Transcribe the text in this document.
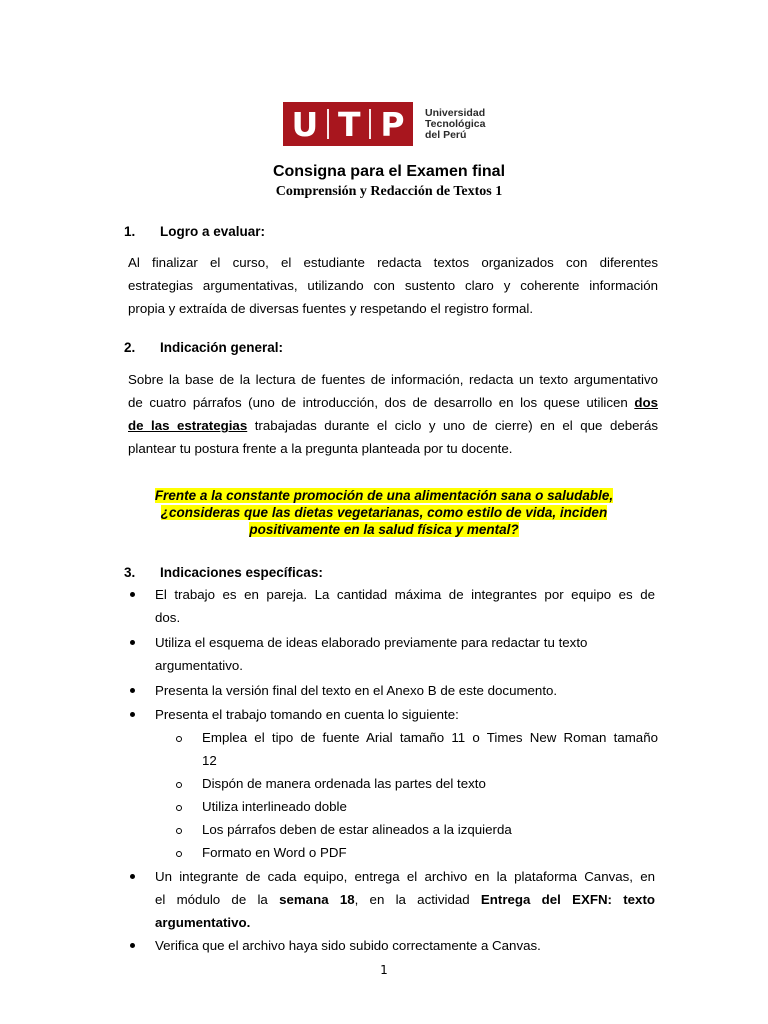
U T P Universidad
Tecnológica
del Perú
Consigna para el Examen final
Comprensión y Redacción de Textos 1
1.	Logro a evaluar:
Al finalizar el curso, el estudiante redacta textos organizados con diferentes
estrategias argumentativas, utilizando con sustento claro y coherente información
propia y extraída de diversas fuentes y respetando el registro formal.
2.	Indicación general:
Sobre la base de la lectura de fuentes de información, redacta un texto argumentativo
de cuatro párrafos (uno de introducción, dos de desarrollo en los quese utilicen dos
de las estrategias trabajadas durante el ciclo y uno de cierre) en el que deberás
plantear tu postura frente a la pregunta planteada por tu docente.
Frente a la constante promoción de una alimentación sana o saludable,
¿consideras que las dietas vegetarianas, como estilo de vida, inciden
positivamente en la salud física y mental?
3.	Indicaciones específicas:
El trabajo es en pareja. La cantidad máxima de integrantes por equipo es de
dos.
Utiliza el esquema de ideas elaborado previamente para redactar tu texto
argumentativo.
Presenta la versión final del texto en el Anexo B de este documento.
Presenta el trabajo tomando en cuenta lo siguiente:
Emplea el tipo de fuente Arial tamaño 11 o Times New Roman tamaño
12
Dispón de manera ordenada las partes del texto
Utiliza interlineado doble
Los párrafos deben de estar alineados a la izquierda
Formato en Word o PDF
Un integrante de cada equipo, entrega el archivo en la plataforma Canvas, en
el módulo de la semana 18, en la actividad Entrega del EXFN: texto
argumentativo.
Verifica que el archivo haya sido subido correctamente a Canvas.
1
